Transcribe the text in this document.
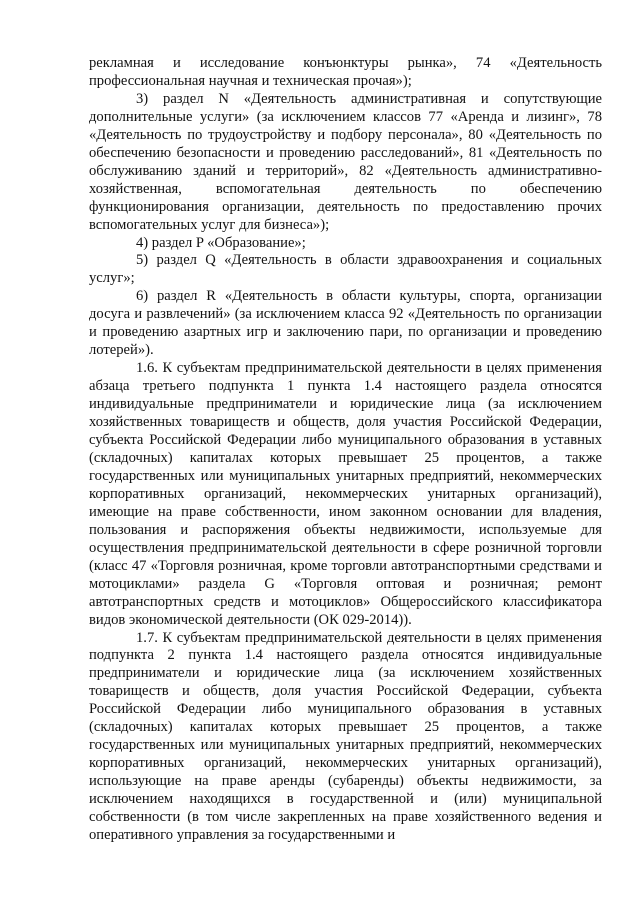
рекламная и исследование конъюнктуры рынка», 74 «Деятельность профессиональная научная и техническая прочая»);

3) раздел N «Деятельность административная и сопутствующие дополнительные услуги» (за исключением классов 77 «Аренда и лизинг», 78 «Деятельность по трудоустройству и подбору персонала», 80 «Деятельность по обеспечению безопасности и проведению расследований», 81 «Деятельность по обслуживанию зданий и территорий», 82 «Деятельность административно-хозяйственная, вспомогательная деятельность по обеспечению функционирования организации, деятельность по предоставлению прочих вспомогательных услуг для бизнеса»);

4) раздел P «Образование»;

5) раздел Q «Деятельность в области здравоохранения и социальных услуг»;

6) раздел R «Деятельность в области культуры, спорта, организации досуга и развлечений» (за исключением класса 92 «Деятельность по организации и проведению азартных игр и заключению пари, по организации и проведению лотерей»).

1.6. К субъектам предпринимательской деятельности в целях применения абзаца третьего подпункта 1 пункта 1.4 настоящего раздела относятся индивидуальные предприниматели и юридические лица (за исключением хозяйственных товариществ и обществ, доля участия Российской Федерации, субъекта Российской Федерации либо муниципального образования в уставных (складочных) капиталах которых превышает 25 процентов, а также государственных или муниципальных унитарных предприятий, некоммерческих корпоративных организаций, некоммерческих унитарных организаций), имеющие на праве собственности, ином законном основании для владения, пользования и распоряжения объекты недвижимости, используемые для осуществления предпринимательской деятельности в сфере розничной торговли (класс 47 «Торговля розничная, кроме торговли автотранспортными средствами и мотоциклами» раздела G «Торговля оптовая и розничная; ремонт автотранспортных средств и мотоциклов» Общероссийского классификатора видов экономической деятельности (ОК 029-2014)).

1.7. К субъектам предпринимательской деятельности в целях применения подпункта 2 пункта 1.4 настоящего раздела относятся индивидуальные предприниматели и юридические лица (за исключением хозяйственных товариществ и обществ, доля участия Российской Федерации, субъекта Российской Федерации либо муниципального образования в уставных (складочных) капиталах которых превышает 25 процентов, а также государственных или муниципальных унитарных предприятий, некоммерческих корпоративных организаций, некоммерческих унитарных организаций), использующие на праве аренды (субаренды) объекты недвижимости, за исключением находящихся в государственной и (или) муниципальной собственности (в том числе закрепленных на праве хозяйственного ведения и оперативного управления за государственными и
